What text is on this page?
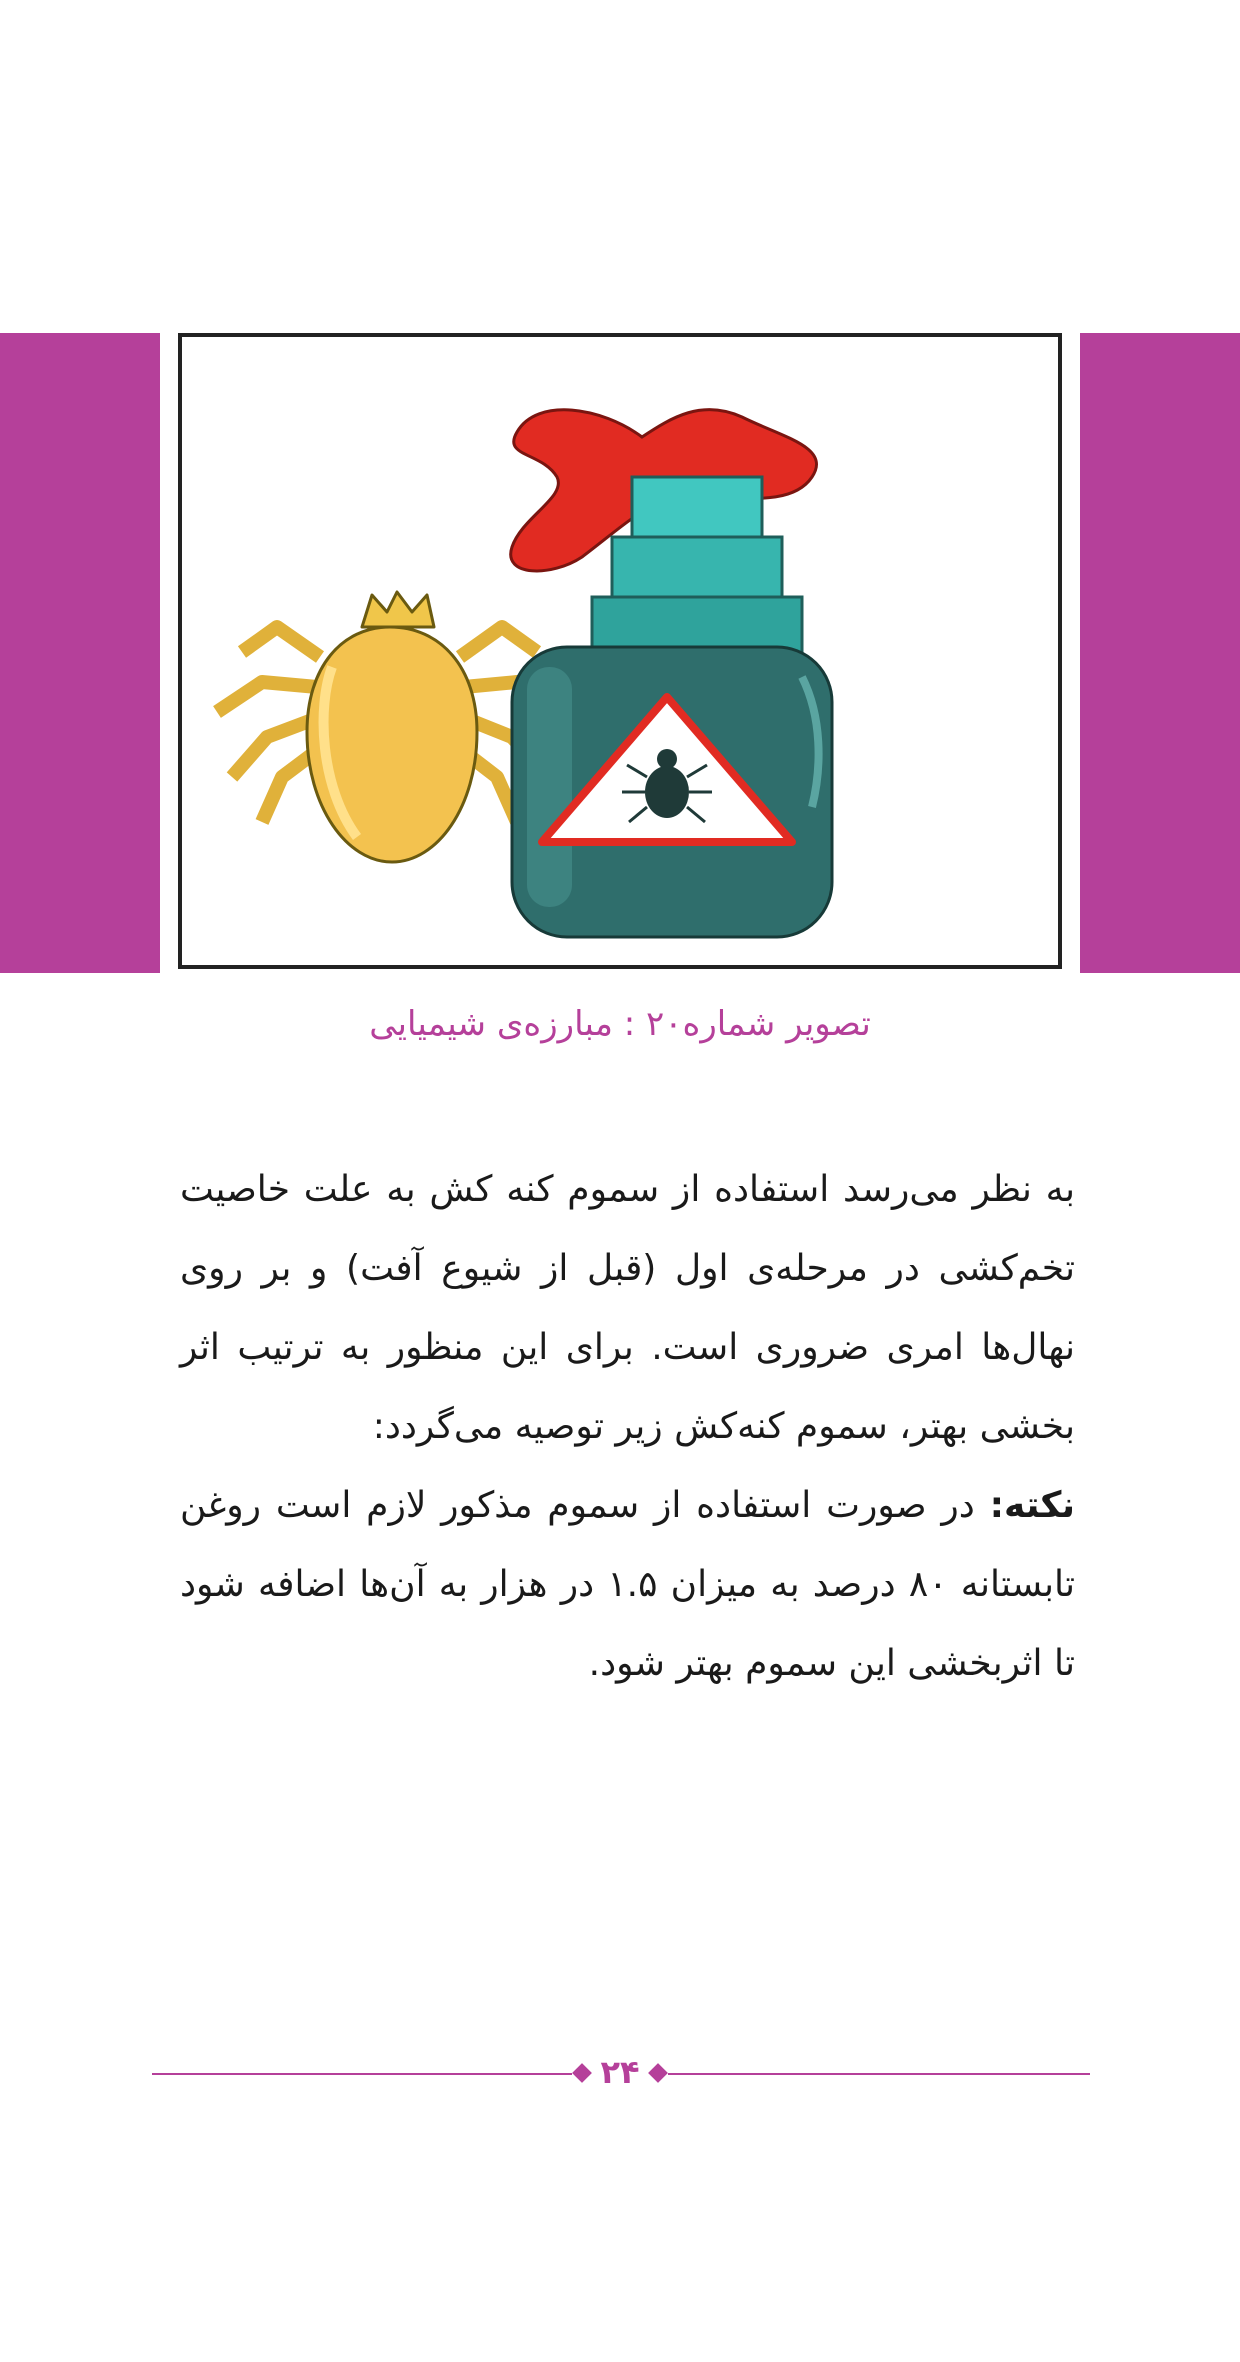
تصویر شماره۲۰ : مبارزه‌ی شیمیایی

به نظر می‌رسد استفاده از سموم کنه کش به علت خاصیت تخم‌کشی در مرحله‌ی اول (قبل از شیوع آفت) و بر روی نهال‌ها امری ضروری است. برای این منظور به ترتیب اثر بخشی بهتر، سموم کنه‌کش زیر توصیه می‌گردد:

نکته: در صورت استفاده از سموم مذکور لازم است روغن تابستانه ۸۰ درصد به میزان ۱.۵ در هزار به آن‌ها اضافه شود تا اثربخشی این سموم بهتر شود.

۲۴
